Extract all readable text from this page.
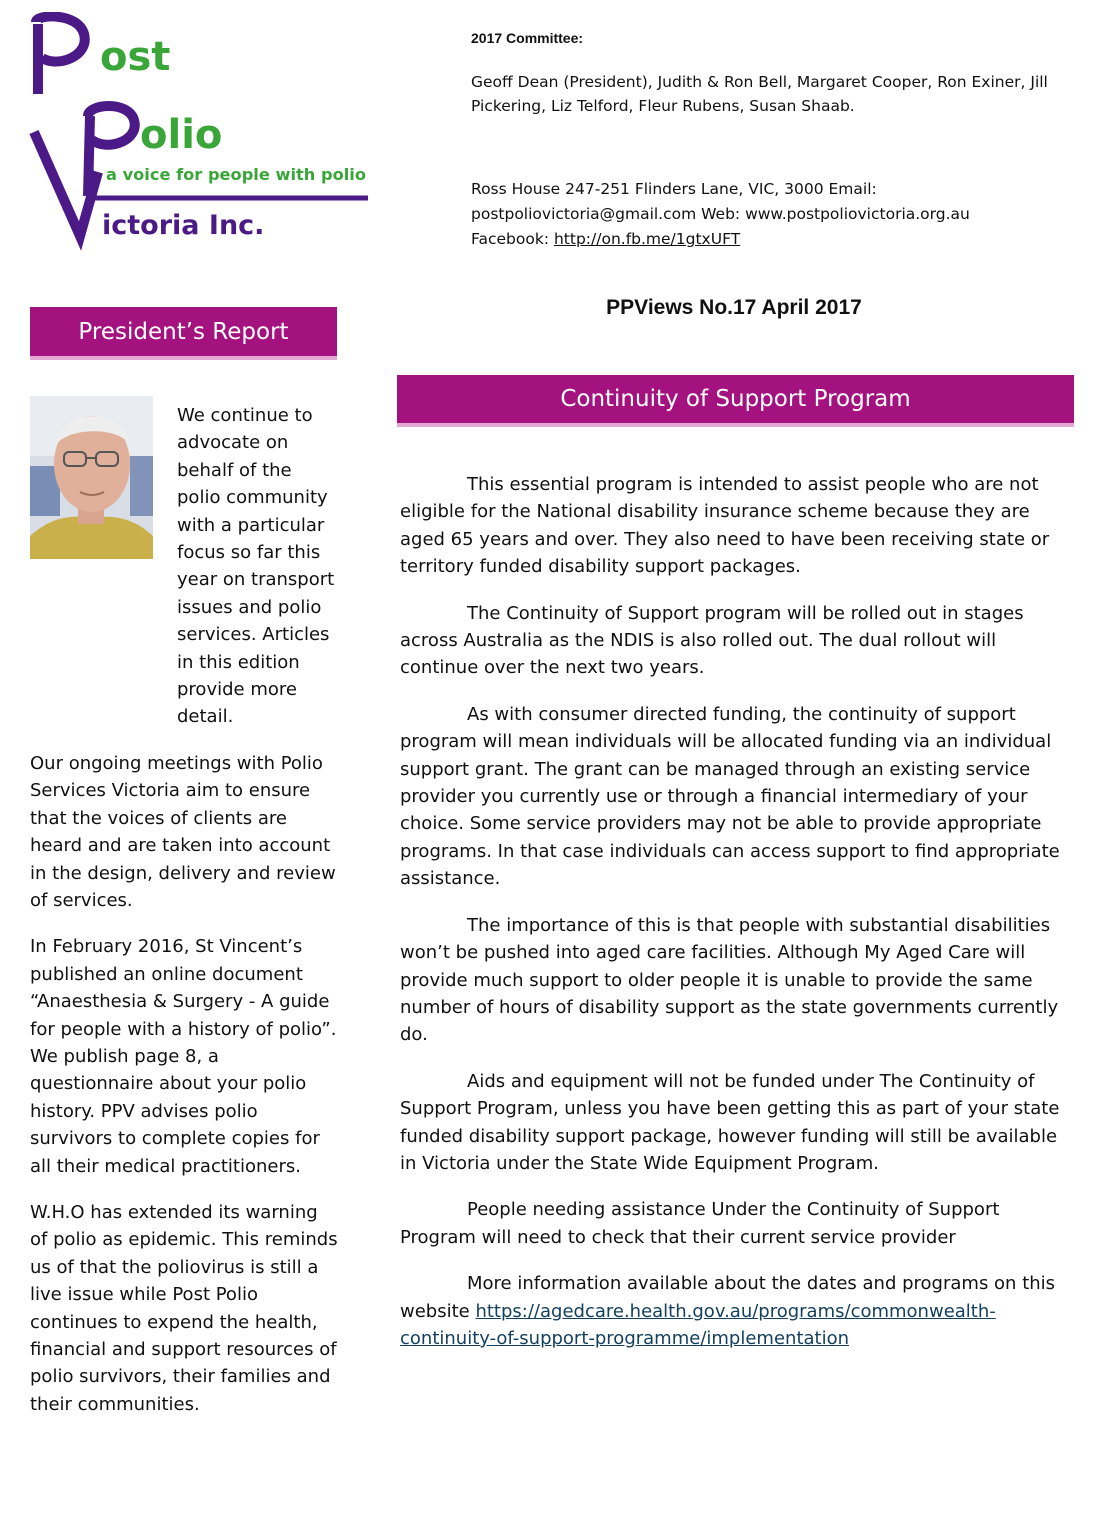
ost
olio
a voice for people with polio
ictoria Inc.
2017 Committee:
Geoff Dean (President), Judith & Ron Bell, Margaret Cooper, Ron Exiner, Jill Pickering, Liz Telford, Fleur Rubens, Susan Shaab.
Ross House 247-251 Flinders Lane, VIC, 3000 Email:
postpoliovictoria@gmail.com Web: www.postpoliovictoria.org.au
Facebook: http://on.fb.me/1gtxUFT
PPViews No.17 April 2017
President’s Report
Continuity of Support Program

We continue to advocate on behalf of the polio community with a particular focus so far this year on transport issues and polio services. Articles in this edition provide more detail.

Our ongoing meetings with Polio Services Victoria aim to ensure that the voices of clients are heard and are taken into account in the design, delivery and review of services.

In February 2016, St Vincent’s published an online document “Anaesthesia & Surgery - A guide for people with a history of polio”. We publish page 8, a questionnaire about your polio history. PPV advises polio survivors to complete copies for all their medical practitioners.

W.H.O has extended its warning of polio as epidemic. This reminds us of that the poliovirus is still a live issue while Post Polio continues to expend the health, financial and support resources of polio survivors, their families and their communities.

This essential program is intended to assist people who are not eligible for the National disability insurance scheme because they are aged 65 years and over. They also need to have been receiving state or territory funded disability support packages.

The Continuity of Support program will be rolled out in stages across Australia as the NDIS is also rolled out. The dual rollout will continue over the next two years.

As with consumer directed funding, the continuity of support program will mean individuals will be allocated funding via an individual support grant. The grant can be managed through an existing service provider you currently use or through a financial intermediary of your choice. Some service providers may not be able to provide appropriate programs. In that case individuals can access support to find appropriate assistance.

The importance of this is that people with substantial disabilities won’t be pushed into aged care facilities. Although My Aged Care will provide much support to older people it is unable to provide the same number of hours of disability support as the state governments currently do.

Aids and equipment will not be funded under The Continuity of Support Program, unless you have been getting this as part of your state funded disability support package, however funding will still be available in Victoria under the State Wide Equipment Program.

People needing assistance Under the Continuity of Support Program will need to check that their current service provider

More information available about the dates and programs on this website https://agedcare.health.gov.au/programs/commonwealth-continuity-of-support-programme/implementation
